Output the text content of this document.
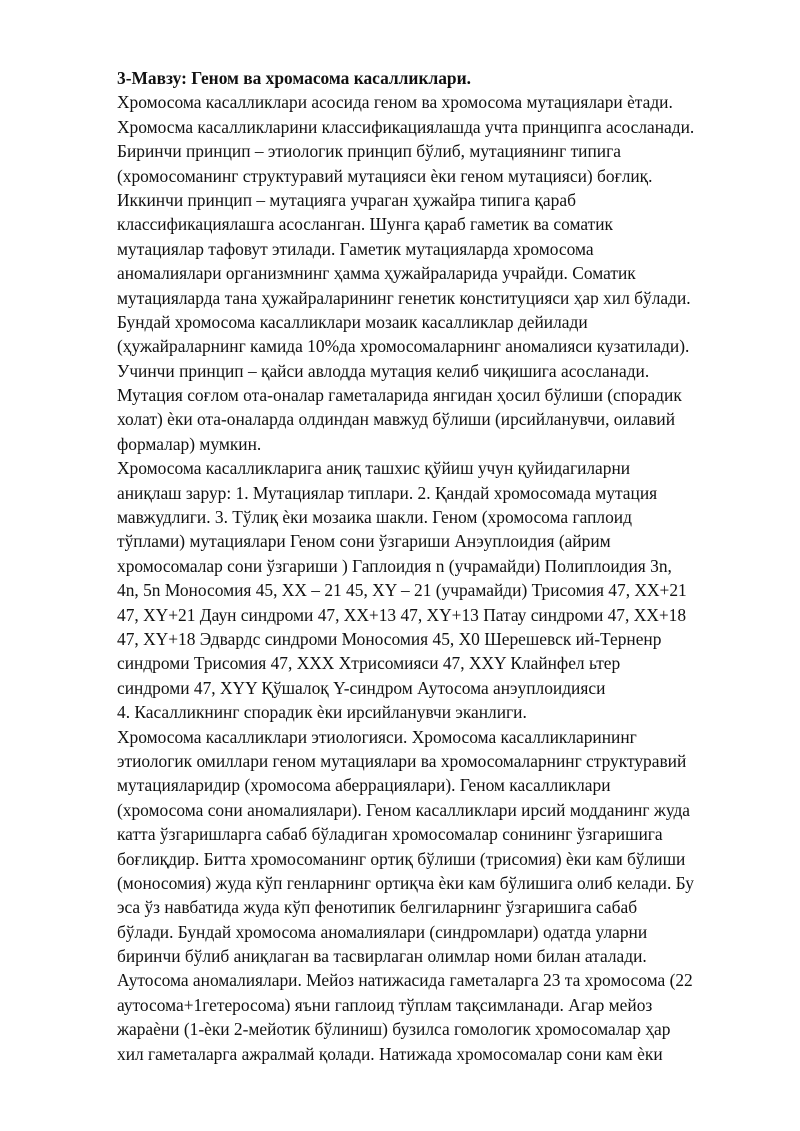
3-Мавзу: Геном ва хромасома касалликлари.
Хромосома касалликлари асосида геном ва хромосома мутациялари ѐтади.
Хромосма касалликларини классификациялашда учта принципга асосланади.
Биринчи принцип – этиологик принцип бўлиб, мутациянинг типига
(хромосоманинг структуравий мутацияси ѐки геном мутацияси) боғлиқ.
Иккинчи принцип – мутацияга учраган ҳужайра типига қараб
классификациялашга асосланган. Шунга қараб гаметик ва соматик
мутациялар тафовут этилади. Гаметик мутацияларда хромосома
аномалиялари организмнинг ҳамма ҳужайраларида учрайди. Соматик
мутацияларда тана ҳужайраларининг генетик конституцияси ҳар хил бўлади.
Бундай хромосома касалликлари мозаик касалликлар дейилади
(ҳужайраларнинг камида 10%да хромосомаларнинг аномалияси кузатилади).
Учинчи принцип – қайси авлодда мутация келиб чиқишига асосланади.
Мутация соғлом ота-оналар гаметаларида янгидан ҳосил бўлиши (спорадик
холат) ѐки ота-оналарда олдиндан мавжуд бўлиши (ирсийланувчи, оилавий
формалар) мумкин.
Хромосома касалликларига аниқ ташхис қўйиш учун қуйидагиларни
аниқлаш зарур: 1. Мутациялар типлари. 2. Қандай хромосомада мутация
мавжудлиги. 3. Тўлиқ ѐки мозаика шакли. Геном (хромосома гаплоид
тўплами) мутациялари Геном сони ўзгариши Анэуплоидия (айрим
хромосомалар сони ўзгариши ) Гаплоидия n (учрамайди) Полиплоидия 3n,
4n, 5n Моносомия 45, XX – 21 45, XY – 21 (учрамайди) Трисомия 47, XX+21
47, XY+21 Даун синдроми 47, XX+13 47, XY+13 Патау синдроми 47, XX+18
47, XY+18 Эдвардс синдроми Моносомия 45, X0 Шерешевск ий-Терненр
синдроми Трисомия 47, XXX Хтрисомияси 47, XXY Клайнфел ьтер
синдроми 47, XYY Қўшалоқ Y-синдром Аутосома анэуплоидияси
4. Касалликнинг спорадик ѐки ирсийланувчи эканлиги.
Хромосома касалликлари этиологияси. Хромосома касалликларининг
этиологик омиллари геном мутациялари ва хромосомаларнинг структуравий
мутацияларидир (хромосома аберрациялари). Геном касалликлари
(хромосома сони аномалиялари). Геном касалликлари ирсий модданинг жуда
катта ўзгаришларга сабаб бўладиган хромосомалар сонининг ўзгаришига
боғлиқдир. Битта хромосоманинг ортиқ бўлиши (трисомия) ѐки кам бўлиши
(моносомия) жуда кўп генларнинг ортиқча ѐки кам бўлишига олиб келади. Бу
эса ўз навбатида жуда кўп фенотипик белгиларнинг ўзгаришига сабаб
бўлади. Бундай хромосома аномалиялари (синдромлари) одатда уларни
биринчи бўлиб аниқлаган ва тасвирлаган олимлар номи билан аталади.
Аутосома аномалиялари. Мейоз натижасида гаметаларга 23 та хромосома (22
аутосома+1гетеросома) яъни гаплоид тўплам тақсимланади. Агар мейоз
жараѐни (1-ѐки 2-мейотик бўлиниш) бузилса гомологик хромосомалар ҳар
хил гаметаларга ажралмай қолади. Натижада хромосомалар сони кам ѐки
